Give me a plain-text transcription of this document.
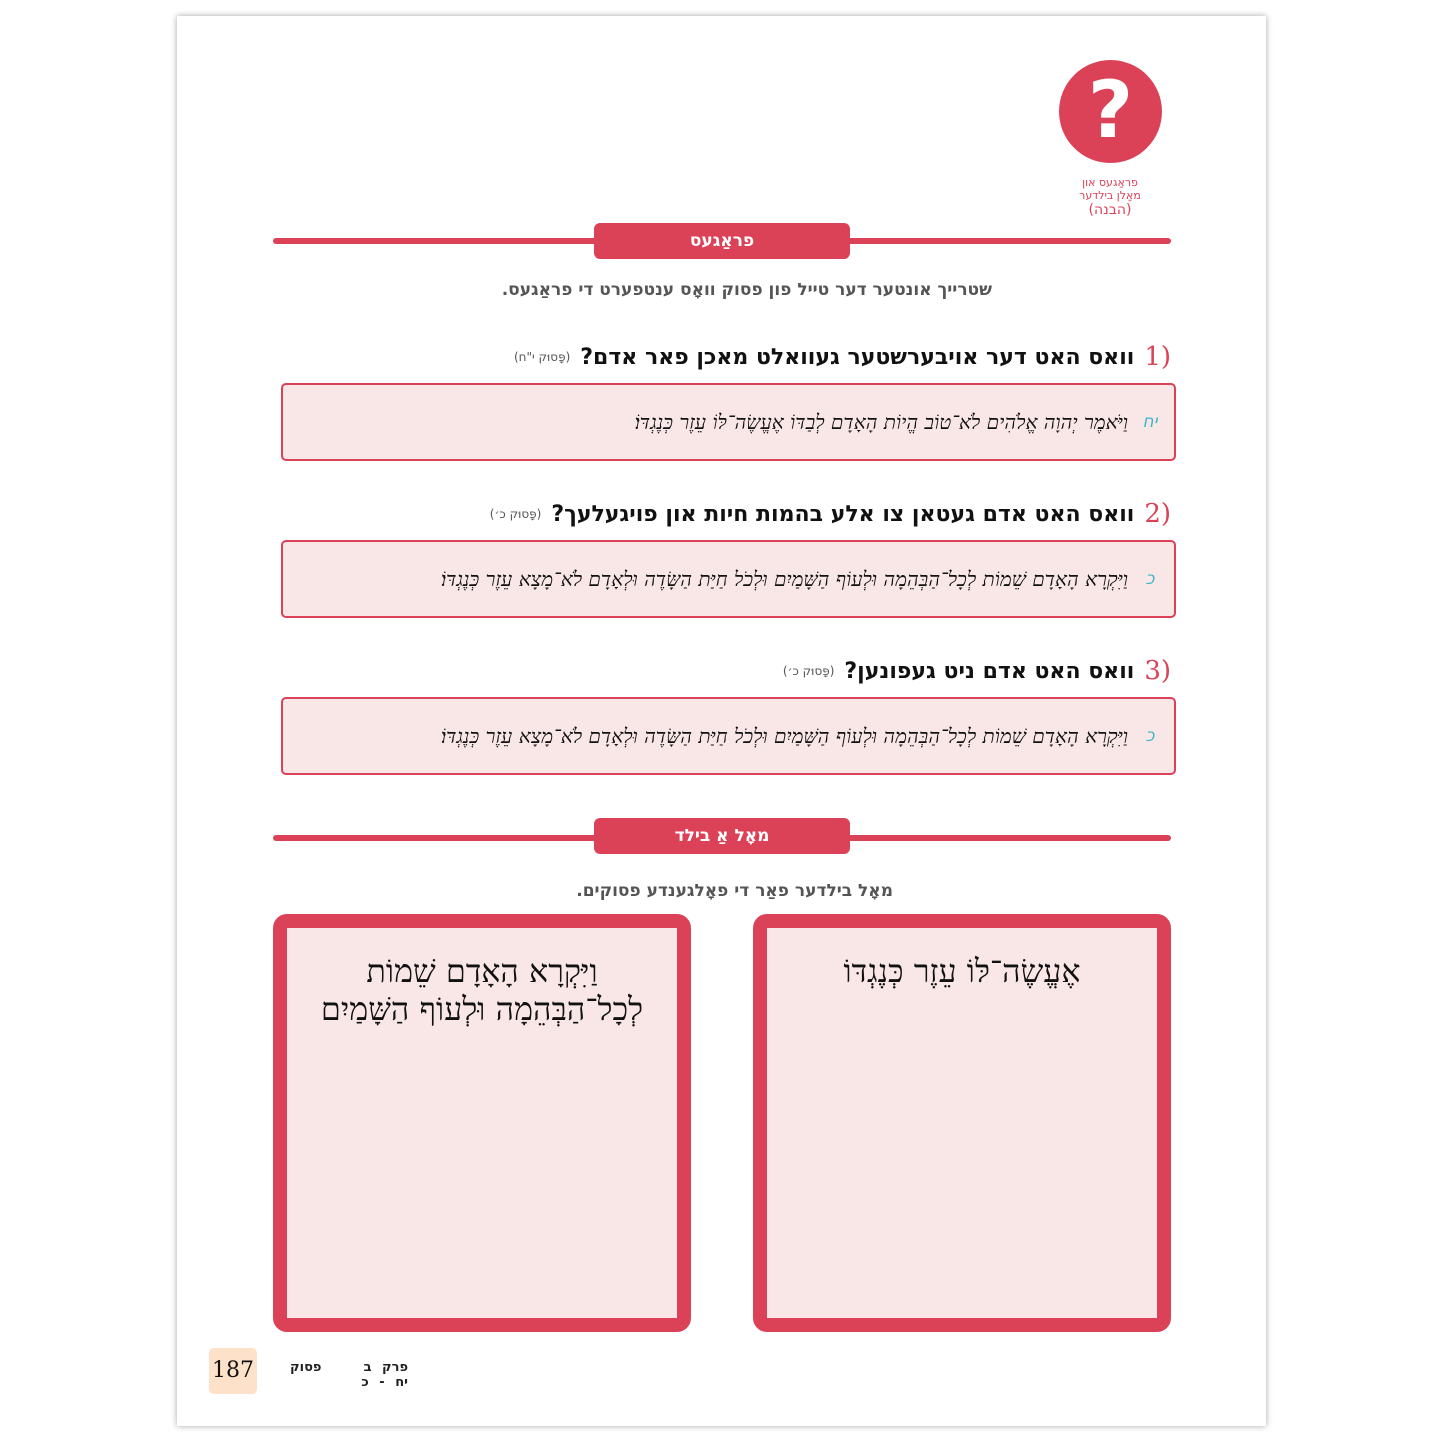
?
פראַגעס און
מאָלן בילדער
(הבנה)
פראַגעס
שטרייך אונטער דער טייל פון פסוק וואָס ענטפערט די פראַגעס.
1)
וואס האט דער אויבערשטער געוואלט מאכן פאר אדם?
(פָּסוּק י"ח)
יח
וַיֹּאמֶר יְהוָה אֱלֹהִים לֹא־טוֹב הֱיוֹת הָאָדָם לְבַדּוֹ אֶעֱשֶׂה־לּוֹ עֵזֶר כְּנֶגְדּוֹ׃
2)
וואס האט אדם געטאן צו אלע בהמות חיות און פויגעלעך?
(פָּסוּק כ׳)
כ
וַיִּקְרָא הָאָדָם שֵׁמוֹת לְכָל־הַבְּהֵמָה וּלְעוֹף הַשָּׁמַיִם וּלְכֹל חַיַּת הַשָּׂדֶה וּלְאָדָם לֹא־מָצָא עֵזֶר כְּנֶגְדּוֹ׃
3)
וואס האט אדם ניט געפונען?
(פָּסוּק כ׳)
כ
וַיִּקְרָא הָאָדָם שֵׁמוֹת לְכָל־הַבְּהֵמָה וּלְעוֹף הַשָּׁמַיִם וּלְכֹל חַיַּת הַשָּׂדֶה וּלְאָדָם לֹא־מָצָא עֵזֶר כְּנֶגְדּוֹ׃
מאָל אַ בילד
מאָל בילדער פאַר די פאָלגענדע פסוקים.
אֶעֱשֶׂה־לּוֹ עֵזֶר כְּנֶגְדּוֹ
וַיִּקְרָא הָאָדָם שֵׁמוֹת לְכָל־הַבְּהֵמָה וּלְעוֹף הַשָּׁמַיִם
187	פרק ב    פסוק יח - כ
